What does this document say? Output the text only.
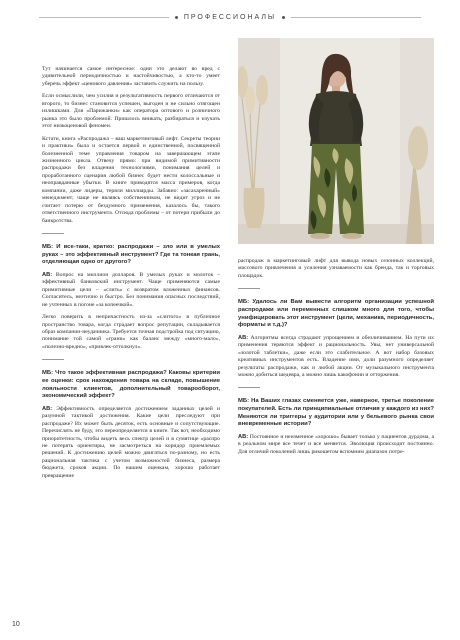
ПРОФЕССИОНАЛЫ

Тут начинается самое интересное: одни это делают во вред с удивительной периодичностью и настойчивостью, а кто-то умеет уберечь эффект «ценового давления» заставить служить на пользу.

Если осмыслили, чем усилия и результативность первого отличаются от второго, то бизнес становится успешен, выгоден и не сильно отягощен излишками. Для «Парижанки» как оператора оптового и розничного рынка это было проблемой. Пришлось вникать, разбираться и изучать этот низкоценовой феномен.

Кстати, книга «Распродажа – ваш маркетинговый лифт. Секреты теории и практики» была и остается первой и единственной, посвященной болезненной теме управления товаром на завершающем этапе жизненного цикла. Отвечу прямо: при видимой примитивности распродажи без владения технологиями, понимания целей и проработанного сценария любой бизнес будет нести колоссальные и неоправданные убытки. В книге приводятся масса примеров, когда компании, даже лидеры, теряли миллиарды. Забавно: «засахаренный» менеджмент; чаще не являясь собственником, не видит угроз и не считает потерю от бездумного применения, казалось бы, такого ответственного инструмента. Отсюда проблемы – от потери прибыли до банкротства.

МБ: И все-таки, кратко: распродажи – зло или в умелых руках – это эффективный инструмент? Где та тонкая грань, отделяющая одно от другого?

АВ: Вопрос на миллион долларов. В умелых руках и молоток – эффективный банковский инструмент. Чаще применяются самые примитивные цели – «слить» с возвратом вложенных финансов. Согласитесь, неэтично и быстро. Без понимания опасных последствий, не учтенных в погоне «за копеечкой».

Легко поверить в непричастность из-за «слитого» в публичное пространство товара, когда страдает вопрос репутации, складывается образ компании-неудачника. Требуется точная подстройка под ситуацию, понимание той самой «грани» как баланс между «много-мало», «полезно-вредно», «привлек-оттолкнул».

МБ: Что такое эффективная распродажа? Каковы критерии ее оценки: срок нахождения товара на складе, повышение лояльности клиентов, дополнительный товарооборот, экономический эффект?

АВ: Эффективность определяется достижением заданных целей и разумной тактикой достижения. Какие цели преследуют при распродаже? Их может быть десяток, есть основные и сопутствующие. Перечислять не буду, это переопределяется в книге. Так вот, необходимо приоритетность, чтобы видеть весь спектр целей и в сумятице «распро не потерять ориентиры, не засмотреться на коридор приемлемых решений. К достижению целей можно двигаться по-разному, но есть рациональная тактика с учетом возможностей бизнеса, размера бюджета, сроков акции. По нашим оценкам, хорошо работает превращение

распродаж в маркетинговый лифт для вывода новых сезонных коллекций, массового привлечения и усиления узнаваемости как бренда, так и торговых площадок.

МБ: Удалось ли Вам вывести алгоритм организации успешной распродажи или переменных слишком много для того, чтобы унифицировать этот инструмент (цели, механика, периодичность, форматы и т.д.)?

АВ: Алгоритмы всегда страдают упрощением и обезличиванием. На пути их применения теряются эффект и рациональность. Увы, нет универсальной «золотой таблетки», даже если это слабительное. А вот набор базовых креативных инструментов есть. Владение ими, доли разумного определяет результаты распродажи, как и любой акции. От музыкального инструмента можно добиться шедевра, а можно лишь какофонии и отторжения.

МБ: На Ваших глазах сменяется уже, наверное, третье поколение покупателей. Есть ли принципиальные отличия у каждого из них? Меняются ли триггеры у аудитории или у бельевого рынка свои вневременные истории?

АВ: Постоянное и неизменное «хорошо» бывает только у пациентов дурдома, а в реальном мире все течет и все меняется. Эволюция происходит постоянно. Для отличий поколений лишь рикошетом вспомним диапазон потре-

10
